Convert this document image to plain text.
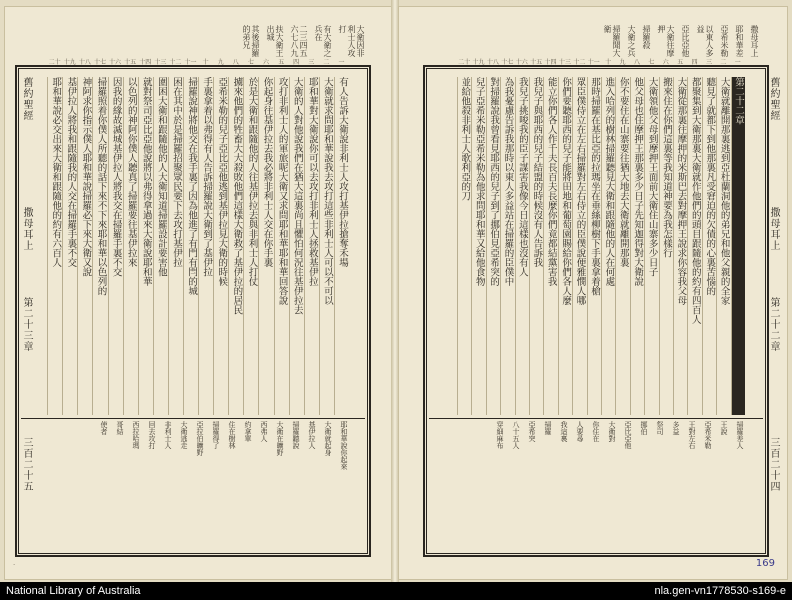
大衛因非利士人攻打
有大衛之兵在
二三四五六七八九
扶大衛王出城
其後掃羅的弟兄
一
二
三
四
五
六
七
八
九
十
十一
十二
十三
十四
十五
十六
十七
十八
十九
二十
有人告訴大衛說非利士人攻打基伊拉搶奪禾場
大衛就求問耶和華說我去攻打這些非利士人可以不可以
耶和華對大衛說你可以去攻打非利士人拯救基伊拉
大衛的人對他說我們在猶大這裏尚且懼怕何況往基伊拉去
攻打非利士人的軍旅呢大衛又求問耶和華耶和華回答說
你起身往基伊拉去我必將非利士人交在你手裏
於是大衛和跟隨他的人往基伊拉去與非利士人打仗
擄來他們的牲畜大大殺敗他們這樣大衛救了基伊拉的居民
亞希米勒的兒子亞比亞他逃到基伊拉見大衛的時候
手裏拿着以弗得有人告訴掃羅說大衛到了基伊拉
掃羅說神將他交在我手裏了因為他進了有門有閂的城
困在其中於是掃羅招聚眾民要下去攻打基伊拉
圍困大衛和跟隨他的人大衛知道掃羅設計要害他
就對祭司亞比亞他說將以弗得拿過來大衛說耶和華
以色列的神阿你僕人聽真了掃羅要往基伊拉來
因我的緣故滅城基伊拉人將我交在掃羅手裏不交
掃羅照着你僕人所聽的話下來不下來耶和華以色列的
神阿求你指示僕人耶和華說掃羅必下來大衛又說
基伊拉人將我和跟隨我的人交在掃羅手裏不交
耶和華說必交出來大衛和跟隨他的約有六百人
耶和華說你起來
大衛就起身
基伊拉人
掃羅聽說
大衛在曠野
西弗人
約拿單
住在樹林
掃羅得了
亞拉伯曠野
大衛逃走
非利士人
回去攻打
西拉哈瑪
哥結
使者
舊約聖經
撒母耳上
第二十三章
三百二十五
·
撒母耳上
耶和華差
亞希米勒
以東人多益
亞比亞他
大衛往摩押
掃羅殺
大衛之兵
掃羅聞大衛
一
二
三
四
五
六
七
八
九
十
十一
十二
十三
十四
十五
十六
十七
十八
十九
二十
第二十二章
大衛就離開那裏逃到亞杜蘭洞他的弟兄和他父親的全家
聽見了就都下到他那裏凡受窘迫的欠債的心裏苦惱的
都聚集到大衛那裏大衛就作他們的頭目跟隨他的約有四百人
大衛從那裏往摩押的米斯巴去對摩押王說求你容我父母
搬來住在你們這裏等我知道神要為我怎樣行
大衛領他父母到摩押王面前大衛住山寨多少日子
他父母也住摩押王那裏多少日子先知迦得對大衛說
你不要住在山寨要往猶大地去大衛就離開那裏
進入哈列的樹林掃羅聽見大衛和跟隨他的人在何處
那時掃羅在基比亞的拉瑪坐在垂絲柳樹下手裏拿着槍
眾臣僕侍立在左右掃羅對左右侍立的臣僕說便雅憫人哪
你們要聽耶西的兒子能將田地和葡萄園賜給你們各人麼
能立你們各人作千夫長百夫長麼你們竟都結黨害我
我兒子與耶西的兒子結盟的時候沒有人告訴我
我兒子挑唆我的臣子謀害我像今日這樣也沒有人
為我憂慮告訴我那時以東人多益站在掃羅的臣僕中
對掃羅說我曾看見耶西的兒子到了挪伯見亞希突的
兒子亞希米勒亞希米勒為他求問耶和華又給他食物
並給他殺非利士人歌利亞的刀
掃羅差人
王說
亞希米勒
王對左右
多益
祭司
挪伯
亞比亞他
大衛對
你住在
人要尋
我這裏
掃羅
亞希突
八十五人
穿細麻布
舊約聖經
撒母耳上
第二十二章
三百二十四
169
National Library of Australia	nla.gen-vn1778530-s169-e
